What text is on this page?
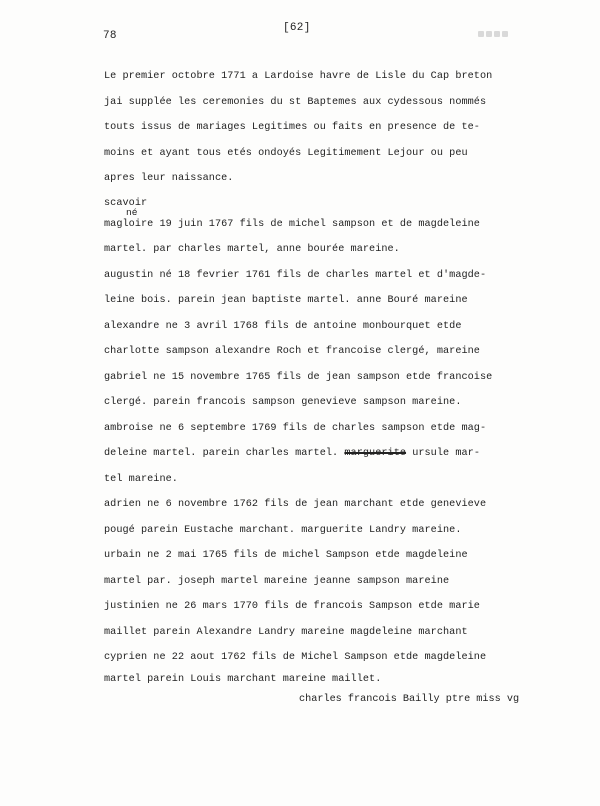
78
[62]
Le premier octobre 1771 a Lardoise havre de Lisle du Cap breton
jai supplée les ceremonies du st Baptemes aux cydessous nommés
touts issus de mariages Legitimes ou faits en presence de te-
moins et ayant tous etés ondoyés Legitimement Lejour ou peu
apres leur naissance.
scavoir
né
magloire 19 juin 1767 fils de michel sampson et de magdeleine
martel. par charles martel, anne bourée mareine.
augustin né 18 fevrier 1761 fils de charles martel et d'magde-
leine bois. parein jean baptiste martel. anne Bouré mareine
alexandre ne 3 avril 1768 fils de antoine monbourquet etde
charlotte sampson alexandre Roch et francoise clergé, mareine
gabriel ne 15 novembre 1765 fils de jean sampson etde francoise
clergé. parein francois sampson genevieve sampson mareine.
ambroise ne 6 septembre 1769 fils de charles sampson etde mag-
deleine martel. parein charles martel. marguerite ursule mar-
tel mareine.
adrien ne 6 novembre 1762 fils de jean marchant etde genevieve
pougé parein Eustache marchant. marguerite Landry mareine.
urbain ne 2 mai 1765 fils de michel Sampson etde magdeleine
martel par. joseph martel mareine jeanne sampson mareine
justinien ne 26 mars 1770 fils de francois Sampson etde marie
maillet parein Alexandre Landry mareine magdeleine marchant
cyprien ne 22 aout 1762 fils de Michel Sampson etde magdeleine
martel parein Louis marchant mareine maillet.
charles francois Bailly ptre miss vg
